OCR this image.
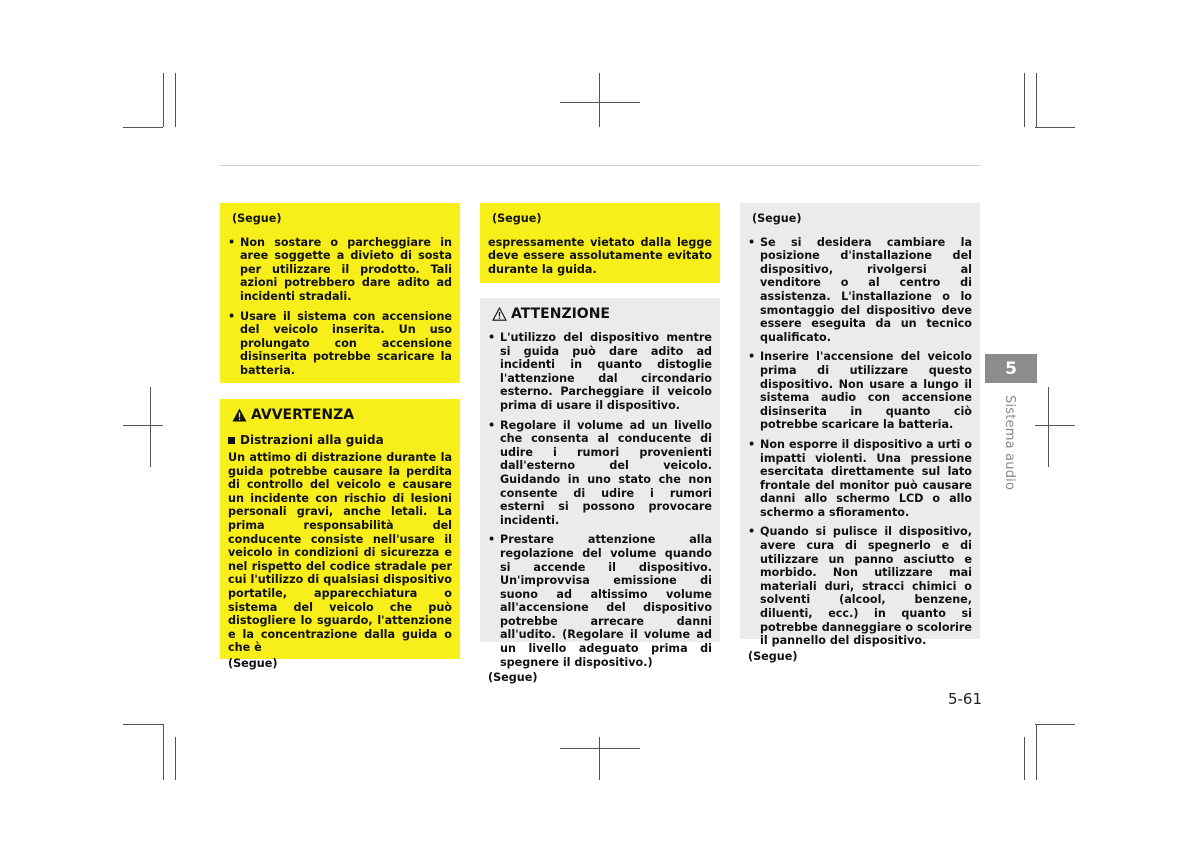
(Segue)
• Non sostare o parcheggiare in aree soggette a divieto di sosta per utilizzare il prodotto. Tali azioni potrebbero dare adito ad incidenti stradali.
• Usare il sistema con accensione del veicolo inserita. Un uso prolungato con accensione disinserita potrebbe scaricare la batteria.
AVVERTENZA
Distrazioni alla guida

Un attimo di distrazione durante la guida potrebbe causare la perdita di controllo del veicolo e causare un incidente con rischio di lesioni personali gravi, anche letali. La prima responsabilità del conducente consiste nell'usare il veicolo in condizioni di sicurezza e nel rispetto del codice stradale per cui l'utilizzo di qualsiasi dispositivo portatile, apparecchiatura o sistema del veicolo che può distogliere lo sguardo, l'attenzione e la concentrazione dalla guida o che è

(Segue)
(Segue)

espressamente vietato dalla legge deve essere assolutamente evitato durante la guida.

ATTENZIONE
• L'utilizzo del dispositivo mentre si guida può dare adito ad incidenti in quanto distoglie l'attenzione dal circondario esterno. Parcheggiare il veicolo prima di usare il dispositivo.
• Regolare il volume ad un livello che consenta al conducente di udire i rumori provenienti dall'esterno del veicolo. Guidando in uno stato che non consente di udire i rumori esterni si possono provocare incidenti.
• Prestare attenzione alla regolazione del volume quando si accende il dispositivo. Un'improvvisa emissione di suono ad altissimo volume all'accensione del dispositivo potrebbe arrecare danni all'udito. (Regolare il volume ad un livello adeguato prima di spegnere il dispositivo.)
(Segue)
(Segue)
• Se si desidera cambiare la posizione d'installazione del dispositivo, rivolgersi al venditore o al centro di assistenza. L'installazione o lo smontaggio del dispositivo deve essere eseguita da un tecnico qualificato.
• Inserire l'accensione del veicolo prima di utilizzare questo dispositivo. Non usare a lungo il sistema audio con accensione disinserita in quanto ciò potrebbe scaricare la batteria.
• Non esporre il dispositivo a urti o impatti violenti. Una pressione esercitata direttamente sul lato frontale del monitor può causare danni allo schermo LCD o allo schermo a sfioramento.
• Quando si pulisce il dispositivo, avere cura di spegnerlo e di utilizzare un panno asciutto e morbido. Non utilizzare mai materiali duri, stracci chimici o solventi (alcool, benzene, diluenti, ecc.) in quanto si potrebbe danneggiare o scolorire il pannello del dispositivo.
(Segue)
5
Sistema audio
5-61
